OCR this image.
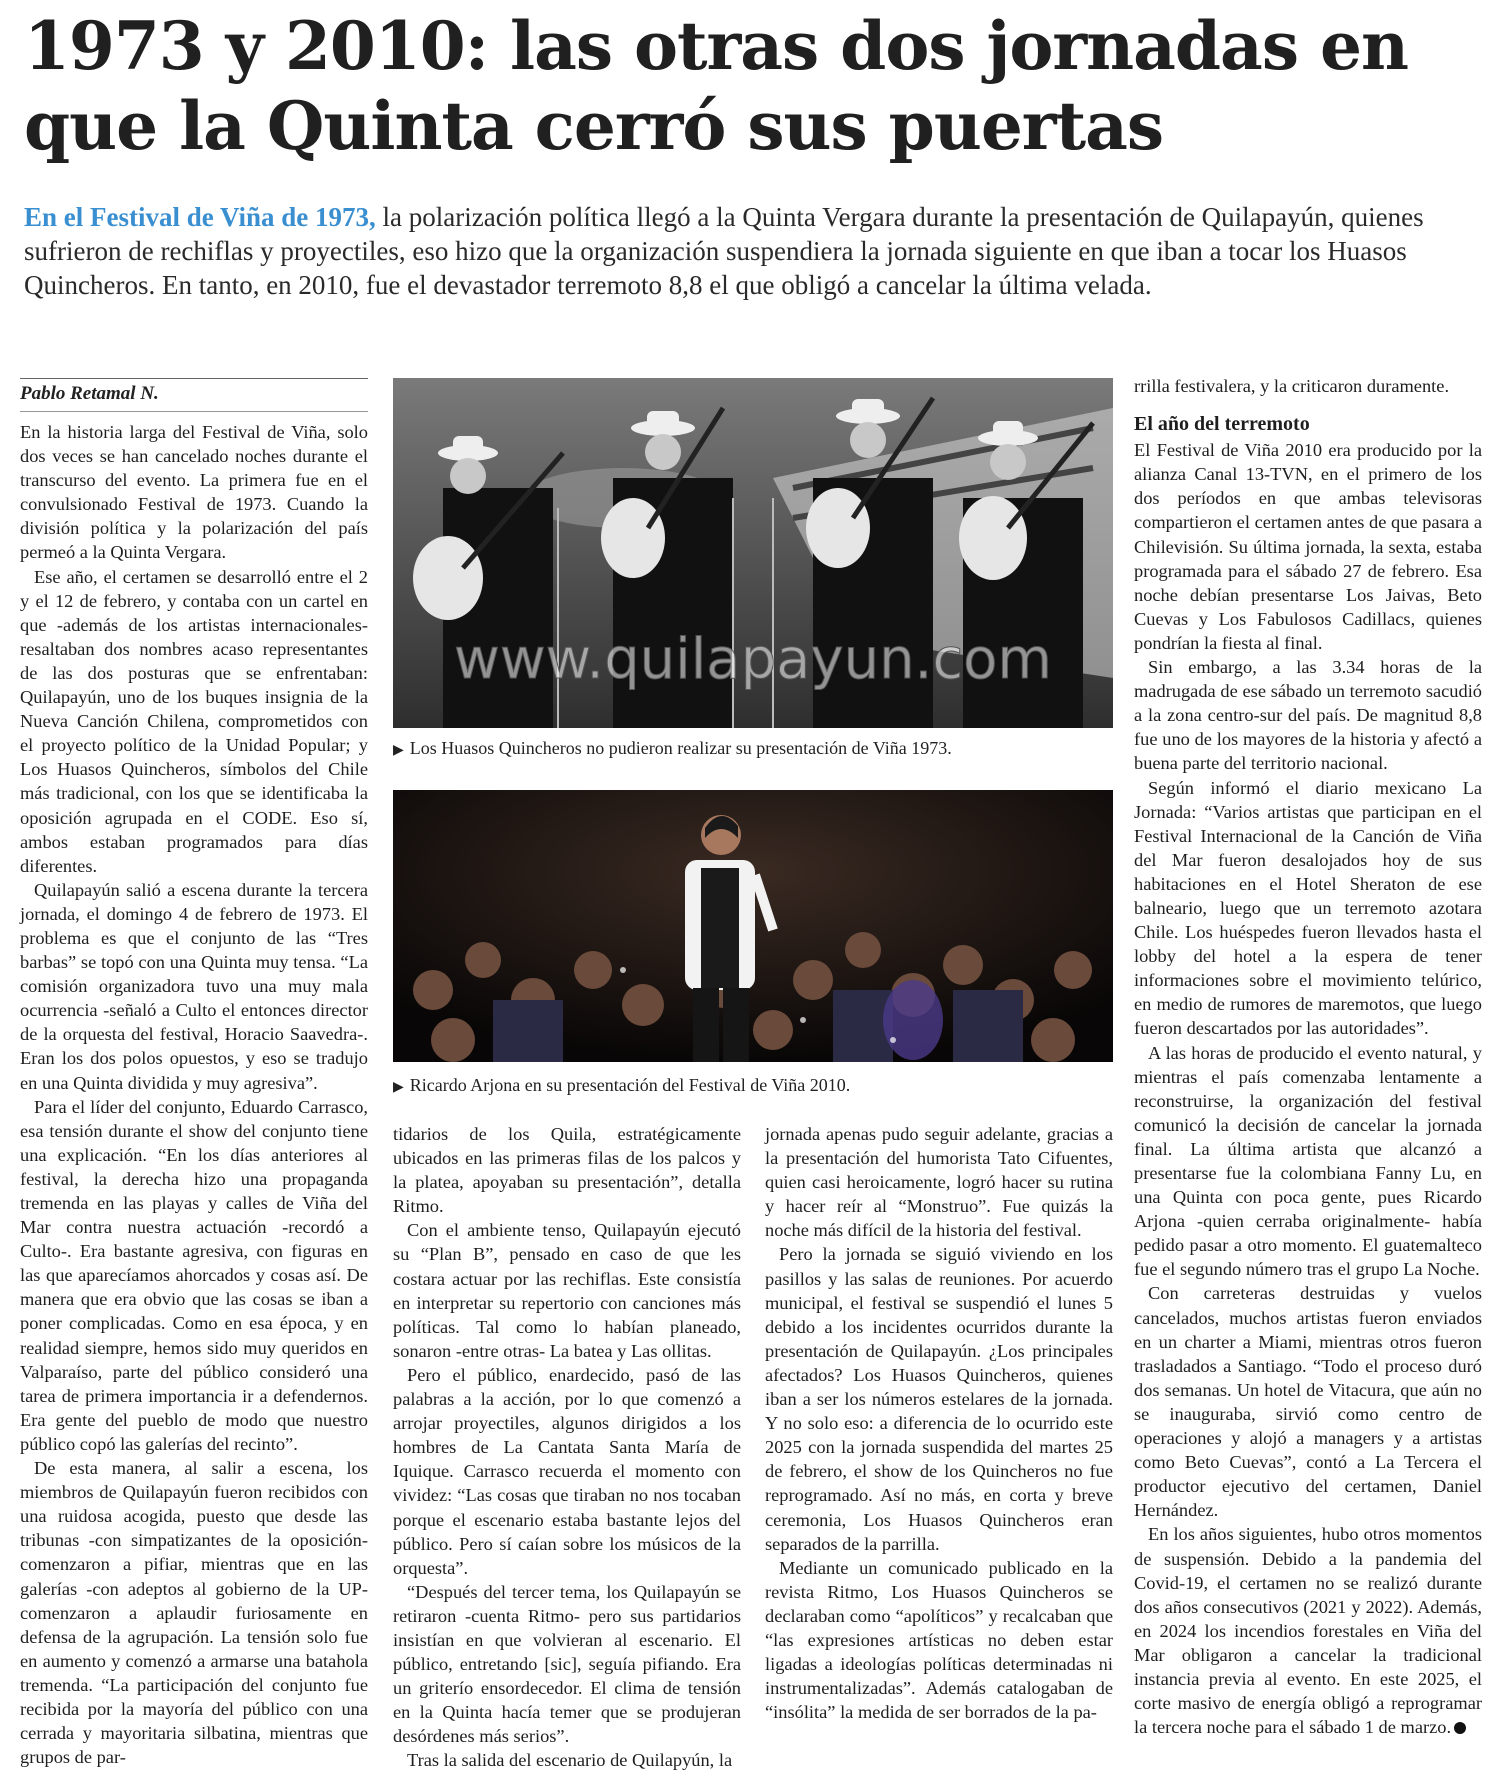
1973 y 2010: las otras dos jornadas en que la Quinta cerró sus puertas

En el Festival de Viña de 1973, la polarización política llegó a la Quinta Vergara durante la presentación de Quilapayún, quienes sufrieron de rechiflas y proyectiles, eso hizo que la organización suspendiera la jornada siguiente en que iban a tocar los Huasos Quincheros. En tanto, en 2010, fue el devastador terremoto 8,8 el que obligó a cancelar la última velada.

Pablo Retamal N.

En la historia larga del Festival de Viña, solo dos veces se han cancelado noches durante el transcurso del evento. La primera fue en el convulsionado Festival de 1973. Cuando la división política y la polarización del país permeó a la Quinta Vergara.

Ese año, el certamen se desarrolló entre el 2 y el 12 de febrero, y contaba con un cartel en que -además de los artistas internacionales- resaltaban dos nombres acaso representantes de las dos posturas que se enfrentaban: Quilapayún, uno de los buques insignia de la Nueva Canción Chilena, comprometidos con el proyecto político de la Unidad Popular; y Los Huasos Quincheros, símbolos del Chile más tradicional, con los que se identificaba la oposición agrupada en el CODE. Eso sí, ambos estaban programados para días diferentes.

Quilapayún salió a escena durante la tercera jornada, el domingo 4 de febrero de 1973. El problema es que el conjunto de las “Tres barbas” se topó con una Quinta muy tensa. “La comisión organizadora tuvo una muy mala ocurrencia -señaló a Culto el entonces director de la orquesta del festival, Horacio Saavedra-. Eran los dos polos opuestos, y eso se tradujo en una Quinta dividida y muy agresiva”.

Para el líder del conjunto, Eduardo Carrasco, esa tensión durante el show del conjunto tiene una explicación. “En los días anteriores al festival, la derecha hizo una propaganda tremenda en las playas y calles de Viña del Mar contra nuestra actuación -recordó a Culto-. Era bastante agresiva, con figuras en las que aparecíamos ahorcados y cosas así. De manera que era obvio que las cosas se iban a poner complicadas. Como en esa época, y en realidad siempre, hemos sido muy queridos en Valparaíso, parte del público consideró una tarea de primera importancia ir a defendernos. Era gente del pueblo de modo que nuestro público copó las galerías del recinto”.

De esta manera, al salir a escena, los miembros de Quilapayún fueron recibidos con una ruidosa acogida, puesto que desde las tribunas -con simpatizantes de la oposición- comenzaron a pifiar, mientras que en las galerías -con adeptos al gobierno de la UP- comenzaron a aplaudir furiosamente en defensa de la agrupación. La tensión solo fue en aumento y comenzó a armarse una batahola tremenda. “La participación del conjunto fue recibida por la mayoría del público con una cerrada y mayoritaria silbatina, mientras que grupos de par-

www.quilapayun.com
▶ Los Huasos Quincheros no pudieron realizar su presentación de Viña 1973.
▶ Ricardo Arjona en su presentación del Festival de Viña 2010.

tidarios de los Quila, estratégicamente ubicados en las primeras filas de los palcos y la platea, apoyaban su presentación”, detalla Ritmo.

Con el ambiente tenso, Quilapayún ejecutó su “Plan B”, pensado en caso de que les costara actuar por las rechiflas. Este consistía en interpretar su repertorio con canciones más políticas. Tal como lo habían planeado, sonaron -entre otras- La batea y Las ollitas.

Pero el público, enardecido, pasó de las palabras a la acción, por lo que comenzó a arrojar proyectiles, algunos dirigidos a los hombres de La Cantata Santa María de Iquique. Carrasco recuerda el momento con vividez: “Las cosas que tiraban no nos tocaban porque el escenario estaba bastante lejos del público. Pero sí caían sobre los músicos de la orquesta”.

“Después del tercer tema, los Quilapayún se retiraron -cuenta Ritmo- pero sus partidarios insistían en que volvieran al escenario. El público, entretando [sic], seguía pifiando. Era un griterío ensordecedor. El clima de tensión en la Quinta hacía temer que se produjeran desórdenes más serios”.

Tras la salida del escenario de Quilapyún, la

jornada apenas pudo seguir adelante, gracias a la presentación del humorista Tato Cifuentes, quien casi heroicamente, logró hacer su rutina y hacer reír al “Monstruo”. Fue quizás la noche más difícil de la historia del festival.

Pero la jornada se siguió viviendo en los pasillos y las salas de reuniones. Por acuerdo municipal, el festival se suspendió el lunes 5 debido a los incidentes ocurridos durante la presentación de Quilapayún. ¿Los principales afectados? Los Huasos Quincheros, quienes iban a ser los números estelares de la jornada. Y no solo eso: a diferencia de lo ocurrido este 2025 con la jornada suspendida del martes 25 de febrero, el show de los Quincheros no fue reprogramado. Así no más, en corta y breve ceremonia, Los Huasos Quincheros eran separados de la parrilla.

Mediante un comunicado publicado en la revista Ritmo, Los Huasos Quincheros se declaraban como “apolíticos” y recalcaban que “las expresiones artísticas no deben estar ligadas a ideologías políticas determinadas ni instrumentalizadas”. Además catalogaban de “insólita” la medida de ser borrados de la pa-

rrilla festivalera, y la criticaron duramente.

El año del terremoto

El Festival de Viña 2010 era producido por la alianza Canal 13-TVN, en el primero de los dos períodos en que ambas televisoras compartieron el certamen antes de que pasara a Chilevisión. Su última jornada, la sexta, estaba programada para el sábado 27 de febrero. Esa noche debían presentarse Los Jaivas, Beto Cuevas y Los Fabulosos Cadillacs, quienes pondrían la fiesta al final.

Sin embargo, a las 3.34 horas de la madrugada de ese sábado un terremoto sacudió a la zona centro-sur del país. De magnitud 8,8 fue uno de los mayores de la historia y afectó a buena parte del territorio nacional.

Según informó el diario mexicano La Jornada: “Varios artistas que participan en el Festival Internacional de la Canción de Viña del Mar fueron desalojados hoy de sus habitaciones en el Hotel Sheraton de ese balneario, luego que un terremoto azotara Chile. Los huéspedes fueron llevados hasta el lobby del hotel a la espera de tener informaciones sobre el movimiento telúrico, en medio de rumores de maremotos, que luego fueron descartados por las autoridades”.

A las horas de producido el evento natural, y mientras el país comenzaba lentamente a reconstruirse, la organización del festival comunicó la decisión de cancelar la jornada final. La última artista que alcanzó a presentarse fue la colombiana Fanny Lu, en una Quinta con poca gente, pues Ricardo Arjona -quien cerraba originalmente- había pedido pasar a otro momento. El guatemalteco fue el segundo número tras el grupo La Noche.

Con carreteras destruidas y vuelos cancelados, muchos artistas fueron enviados en un charter a Miami, mientras otros fueron trasladados a Santiago. “Todo el proceso duró dos semanas. Un hotel de Vitacura, que aún no se inauguraba, sirvió como centro de operaciones y alojó a managers y a artistas como Beto Cuevas”, contó a La Tercera el productor ejecutivo del certamen, Daniel Hernández.

En los años siguientes, hubo otros momentos de suspensión. Debido a la pandemia del Covid-19, el certamen no se realizó durante dos años consecutivos (2021 y 2022). Además, en 2024 los incendios forestales en Viña del Mar obligaron a cancelar la tradicional instancia previa al evento. En este 2025, el corte masivo de energía obligó a reprogramar la tercera noche para el sábado 1 de marzo.
